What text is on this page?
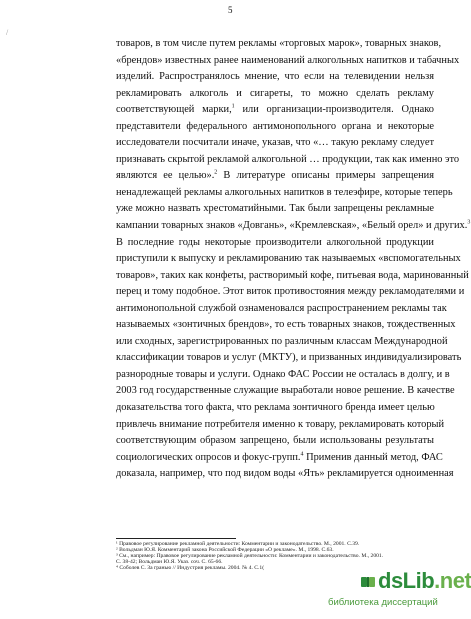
/
5
товаров, в том числе путем рекламы «торговых марок», товарных знаков,
«брендов» известных ранее наименований алкогольных напитков и табачных
изделий. Распространялось мнение, что если на телевидении нельзя
рекламировать алкоголь и сигареты, то можно сделать рекламу
соответствующей марки,$^1$ или организации-производителя. Однако
представители федерального антимонопольного органа и некоторые
исследователи посчитали иначе, указав, что «… такую рекламу следует
признавать скрытой рекламой алкогольной … продукции, так как именно это
являются ее целью».$^2$ В литературе описаны примеры запрещения
ненадлежащей рекламы алкогольных напитков в телеэфире, которые теперь
уже можно назвать хрестоматийными. Так были запрещены рекламные
кампании товарных знаков «Довгань», «Кремлевская», «Белый орел» и других.$^3$
В последние годы некоторые производители алкогольной продукции
приступили к выпуску и рекламированию так называемых «вспомогательных
товаров», таких как конфеты, растворимый кофе, питьевая вода, маринованный
перец и тому подобное. Этот виток противостояния между рекламодателями и
антимонопольной службой ознаменовался распространением рекламы так
называемых «зонтичных брендов», то есть товарных знаков, тождественных
или сходных, зарегистрированных по различным классам Международной
классификации товаров и услуг (МКТУ), и призванных индивидуализировать
разнородные товары и услуги. Однако ФАС России не осталась в долгу, и в
2003 год государственные служащие выработали новое решение. В качестве
доказательства того факта, что реклама зонтичного бренда имеет целью
привлечь внимание потребителя именно к товару, рекламировать который
соответствующим образом запрещено, были использованы результаты
социологических опросов и фокус-групп.$^4$ Применив данный метод, ФАС
доказала, например, что под видом воды «Ять» рекламируется одноименная
¹ Правовое регулирование рекламной деятельности: Комментарии и законодательство. М., 2001. С.39.
² Вольдман Ю.Я. Комментарий закона Российской Федерации «О рекламе». М., 1998. С.63.
³ См., например: Правовое регулирование рекламной деятельности: Комментарии и законодательство. М., 2001.
С. 38-42; Вольдман Ю.Я. Указ. соч. С. 65-66.
⁴ Соболев С. За гранью // Индустрия рекламы. 2004. № 4. С.1(	dsLib.net
библиотека диссертаций
